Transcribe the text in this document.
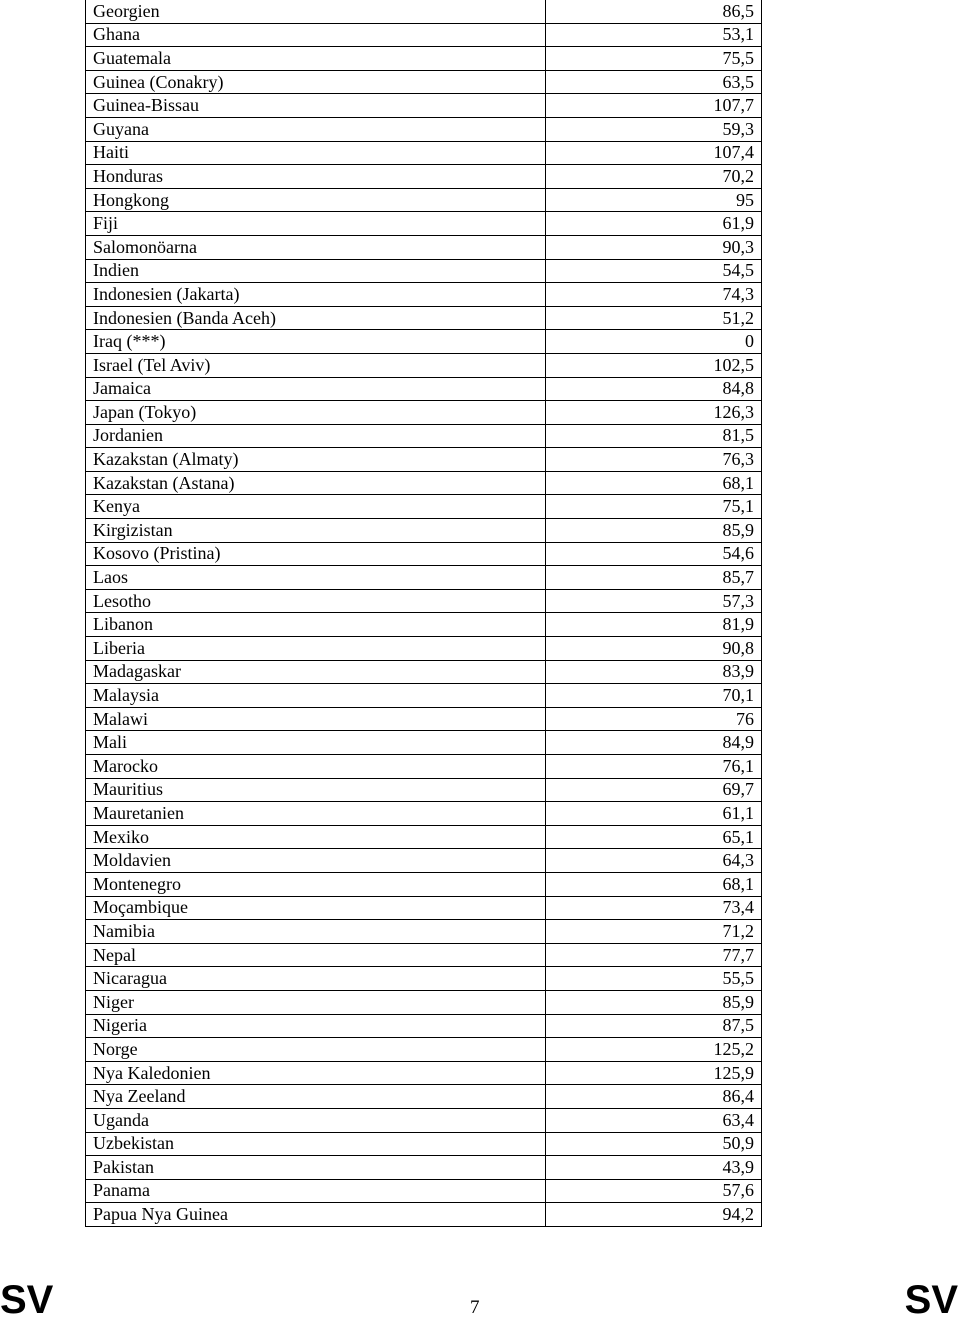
Georgien	86,5
Ghana	53,1
Guatemala	75,5
Guinea (Conakry)	63,5
Guinea-Bissau	107,7
Guyana	59,3
Haiti	107,4
Honduras	70,2
Hongkong	95
Fiji	61,9
Salomonöarna	90,3
Indien	54,5
Indonesien (Jakarta)	74,3
Indonesien (Banda Aceh)	51,2
Iraq (***)	0
Israel (Tel Aviv)	102,5
Jamaica	84,8
Japan (Tokyo)	126,3
Jordanien	81,5
Kazakstan (Almaty)	76,3
Kazakstan (Astana)	68,1
Kenya	75,1
Kirgizistan	85,9
Kosovo (Pristina)	54,6
Laos	85,7
Lesotho	57,3
Libanon	81,9
Liberia	90,8
Madagaskar	83,9
Malaysia	70,1
Malawi	76
Mali	84,9
Marocko	76,1
Mauritius	69,7
Mauretanien	61,1
Mexiko	65,1
Moldavien	64,3
Montenegro	68,1
Moçambique	73,4
Namibia	71,2
Nepal	77,7
Nicaragua	55,5
Niger	85,9
Nigeria	87,5
Norge	125,2
Nya Kaledonien	125,9
Nya Zeeland	86,4
Uganda	63,4
Uzbekistan	50,9
Pakistan	43,9
Panama	57,6
Papua Nya Guinea	94,2
SV	7	SV
